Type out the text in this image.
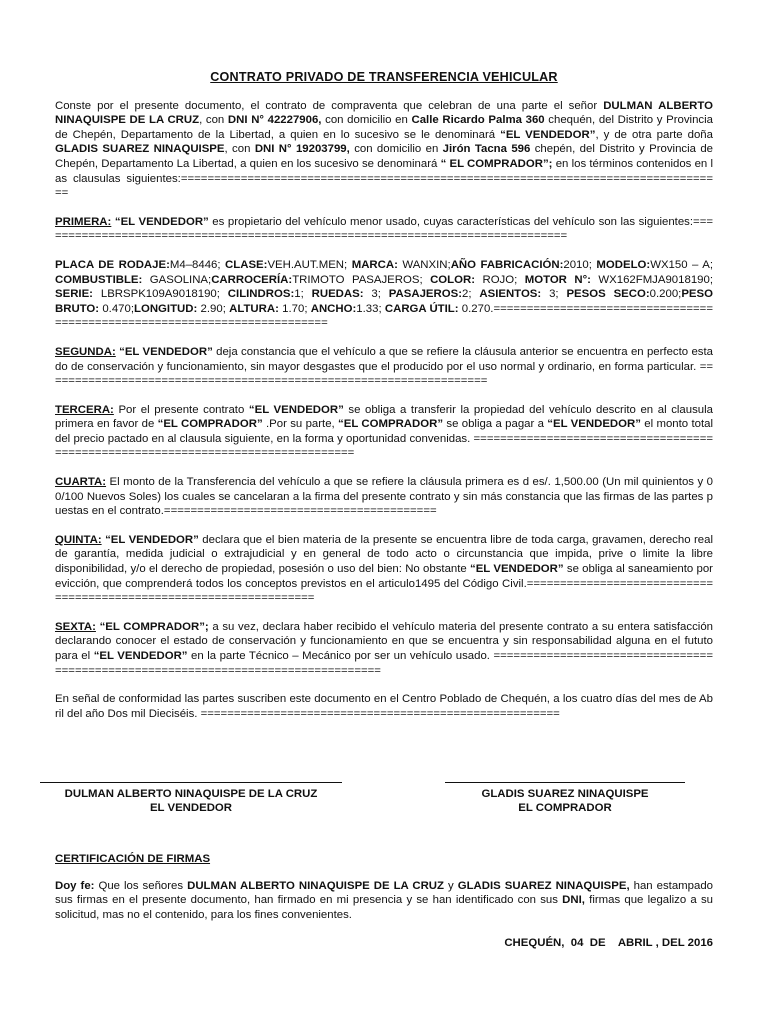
CONTRATO PRIVADO DE TRANSFERENCIA VEHICULAR

Conste por el presente documento, el contrato de compraventa que celebran de una parte el señor DULMAN ALBERTO NINAQUISPE DE LA CRUZ, con DNI N° 42227906, con domicilio en Calle Ricardo Palma 360 chequén, del Distrito y Provincia de Chepén, Departamento de la Libertad, a quien en lo sucesivo se le denominará “EL VENDEDOR”, y de otra parte doña GLADIS SUAREZ NINAQUISPE, con DNI N° 19203799, con domicilio en Jirón Tacna 596 chepén, del Distrito y Provincia de Chepén, Departamento La Libertad, a quien en los sucesivo se denominará “ EL COMPRADOR”; en los términos contenidos en las clausulas siguientes:==================================================================================

PRIMERA: “EL VENDEDOR” es propietario del vehículo menor usado, cuyas características del vehículo son las siguientes:================================================================================

PLACA DE RODAJE:M4–8446; CLASE:VEH.AUT.MEN; MARCA: WANXIN;AÑO FABRICACIÓN:2010; MODELO:WX150 – A; COMBUSTIBLE: GASOLINA;CARROCERÍA:TRIMOTO PASAJEROS; COLOR: ROJO; MOTOR N°: WX162FMJA9018190; SERIE: LBRSPK109A9018190; CILINDROS:1; RUEDAS: 3; PASAJEROS:2; ASIENTOS: 3; PESOS SECO:0.200;PESO BRUTO: 0.470;LONGITUD: 2.90; ALTURA: 1.70; ANCHO:1.33; CARGA ÚTIL: 0.270.==========================================================================

SEGUNDA: “EL VENDEDOR” deja constancia que el vehículo a que se refiere la cláusula anterior se encuentra en perfecto estado de conservación y funcionamiento, sin mayor desgastes que el producido por el uso normal y ordinario, en forma particular. ===================================================================

TERCERA: Por el presente contrato “EL VENDEDOR” se obliga a transferir la propiedad del vehículo descrito en al clausula primera en favor de “EL COMPRADOR” .Por su parte, “EL COMPRADOR” se obliga a pagar a “EL VENDEDOR” el monto total del precio pactado en al clausula siguiente, en la forma y oportunidad convenidas. =================================================================================

CUARTA: El monto de la Transferencia del vehículo a que se refiere la cláusula primera es d es/. 1,500.00 (Un mil quinientos y 00/100 Nuevos Soles) los cuales se cancelaran a la firma del presente contrato y sin más constancia que las firmas de las partes puestas en el contrato.=========================================

QUINTA: “EL VENDEDOR” declara que el bien materia de la presente se encuentra libre de toda carga, gravamen, derecho real de garantía, medida judicial o extrajudicial y en general de todo acto o circunstancia que impida, prive o limite la libre disponibilidad, y/o el derecho de propiedad, posesión o uso del bien: No obstante “EL VENDEDOR” se obliga al saneamiento por evicción, que comprenderá todos los conceptos previstos en el articulo1495 del Código Civil.===================================================================

SEXTA: “EL COMPRADOR”; a su vez, declara haber recibido el vehículo materia del presente contrato a su entera satisfacción declarando conocer el estado de conservación y funcionamiento en que se encuentra y sin responsabilidad alguna en el fututo para el “EL VENDEDOR” en la parte Técnico – Mecánico por ser un vehículo usado. ==================================================================================

En señal de conformidad las partes suscriben este documento en el Centro Poblado de Chequén, a los cuatro días del mes de Abril del año Dos mil Dieciséis. ======================================================

DULMAN ALBERTO NINAQUISPE DE LA CRUZ
EL VENDEDOR
GLADIS SUAREZ NINAQUISPE
EL COMPRADOR
CERTIFICACIÓN DE FIRMAS

Doy fe: Que los señores DULMAN ALBERTO NINAQUISPE DE LA CRUZ y GLADIS SUAREZ NINAQUISPE, han estampado sus firmas en el presente documento, han firmado en mi presencia y se han identificado con sus DNI, firmas que legalizo a su solicitud, mas no el contenido, para los fines convenientes.

CHEQUÉN,  04  DE    ABRIL , DEL 2016
